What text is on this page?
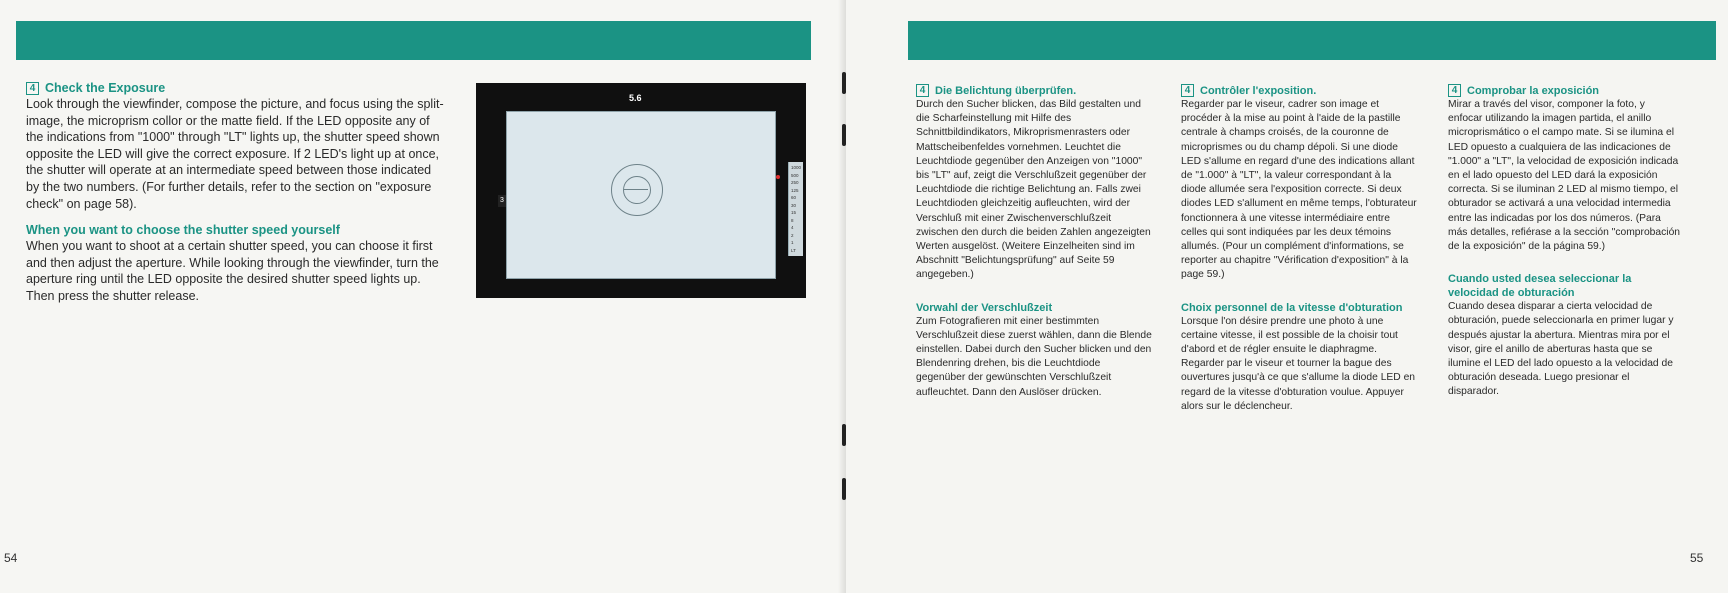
4 Check the Exposure

Look through the viewfinder, compose the picture, and focus using the split-image, the microprism collor or the matte field. If the LED opposite any of the indications from "1000" through "LT" lights up, the shutter speed shown opposite the LED will give the correct exposure. If 2 LED's light up at once, the shutter will operate at an intermediate speed between those indicated by the two numbers. (For further details, refer to the section on "exposure check" on page 58).

When you want to choose the shutter speed yourself

When you want to shoot at a certain shutter speed, you can choose it first and then adjust the aperture. While looking through the viewfinder, turn the aperture ring until the LED opposite the desired shutter speed lights up. Then press the shutter release.

5.6
3
1000
500
250
125
60
30
15
8
4
2
1
LT
54	55
4 Die Belichtung überprüfen.

Durch den Sucher blicken, das Bild gestalten und die Scharfeinstellung mit Hilfe des Schnittbildindikators, Mikroprismenrasters oder Mattscheibenfeldes vornehmen. Leuchtet die Leuchtdiode gegenüber den Anzeigen von "1000" bis "LT" auf, zeigt die Verschlußzeit gegenüber der Leuchtdiode die richtige Belichtung an. Falls zwei Leuchtdioden gleichzeitig aufleuchten, wird der Verschluß mit einer Zwischenverschlußzeit zwischen den durch die beiden Zahlen angezeigten Werten ausgelöst. (Weitere Einzelheiten sind im Abschnitt "Belichtungsprüfung" auf Seite 59 angegeben.)

Vorwahl der Verschlußzeit

Zum Fotografieren mit einer bestimmten Verschlußzeit diese zuerst wählen, dann die Blende einstellen. Dabei durch den Sucher blicken und den Blendenring drehen, bis die Leuchtdiode gegenüber der gewünschten Verschlußzeit aufleuchtet. Dann den Auslöser drücken.

4 Contrôler l'exposition.

Regarder par le viseur, cadrer son image et procéder à la mise au point à l'aide de la pastille centrale à champs croisés, de la couronne de microprismes ou du champ dépoli. Si une diode LED s'allume en regard d'une des indications allant de "1.000" à "LT", la valeur correspondant à la diode allumée sera l'exposition correcte. Si deux diodes LED s'allument en même temps, l'obturateur fonctionnera à une vitesse intermédiaire entre celles qui sont indiquées par les deux témoins allumés. (Pour un complément d'informations, se reporter au chapitre "Vérification d'exposition" à la page 59.)

Choix personnel de la vitesse d'obturation

Lorsque l'on désire prendre une photo à une certaine vitesse, il est possible de la choisir tout d'abord et de régler ensuite le diaphragme. Regarder par le viseur et tourner la bague des ouvertures jusqu'à ce que s'allume la diode LED en regard de la vitesse d'obturation voulue. Appuyer alors sur le déclencheur.

4 Comprobar la exposición

Mirar a través del visor, componer la foto, y enfocar utilizando la imagen partida, el anillo microprismático o el campo mate. Si se ilumina el LED opuesto a cualquiera de las indicaciones de "1.000" a "LT", la velocidad de exposición indicada en el lado opuesto del LED dará la exposición correcta. Si se iluminan 2 LED al mismo tiempo, el obturador se activará a una velocidad intermedia entre las indicadas por los dos números. (Para más detalles, refiérase a la sección "comprobación de la exposición" de la página 59.)

Cuando usted desea seleccionar la velocidad de obturación

Cuando desea disparar a cierta velocidad de obturación, puede seleccionarla en primer lugar y después ajustar la abertura. Mientras mira por el visor, gire el anillo de aberturas hasta que se ilumine el LED del lado opuesto a la velocidad de obturación deseada. Luego presionar el disparador.
